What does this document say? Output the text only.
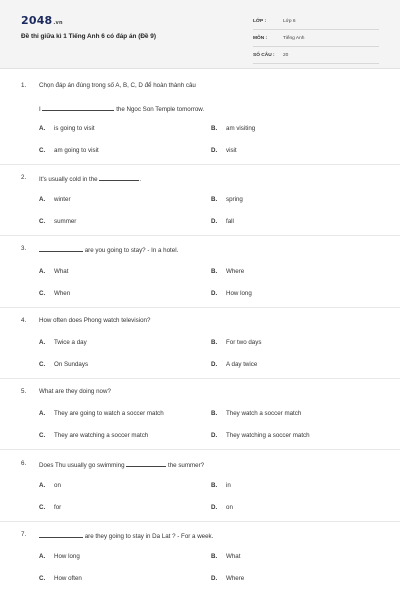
2048.vn
Đề thi giữa kì 1 Tiếng Anh 6 có đáp án (Đề 9)
LỚP :	Lớp 6
MÔN :	Tiếng Anh
SỐ CÂU :	20
1. Chọn đáp án đúng trong số A, B, C, D để hoàn thành câu
I	the Ngoc Son Temple tomorrow.
A. is going to visit	B. am visiting
C. am going to visit	D. visit
2. It's usually cold in the	.
A. winter	B. spring
C. summer	D. fall
3.	are you going to stay? - In a hotel.
A. What	B. Where
C. When	D. How long
4. How often does Phong watch television?
A. Twice a day	B. For two days
C. On Sundays	D. A day twice
5. What are they doing now?
A. They are going to watch a soccer match	B. They watch a soccer match
C. They are watching a soccer match	D. They watching a soccer match
6. Does Thu usually go swimming	the summer?
A. on	B. in
C. for	D. on
7.	are they going to stay in Da Lat ? - For a week.
A. How long	B. What
C. How often	D. Where
